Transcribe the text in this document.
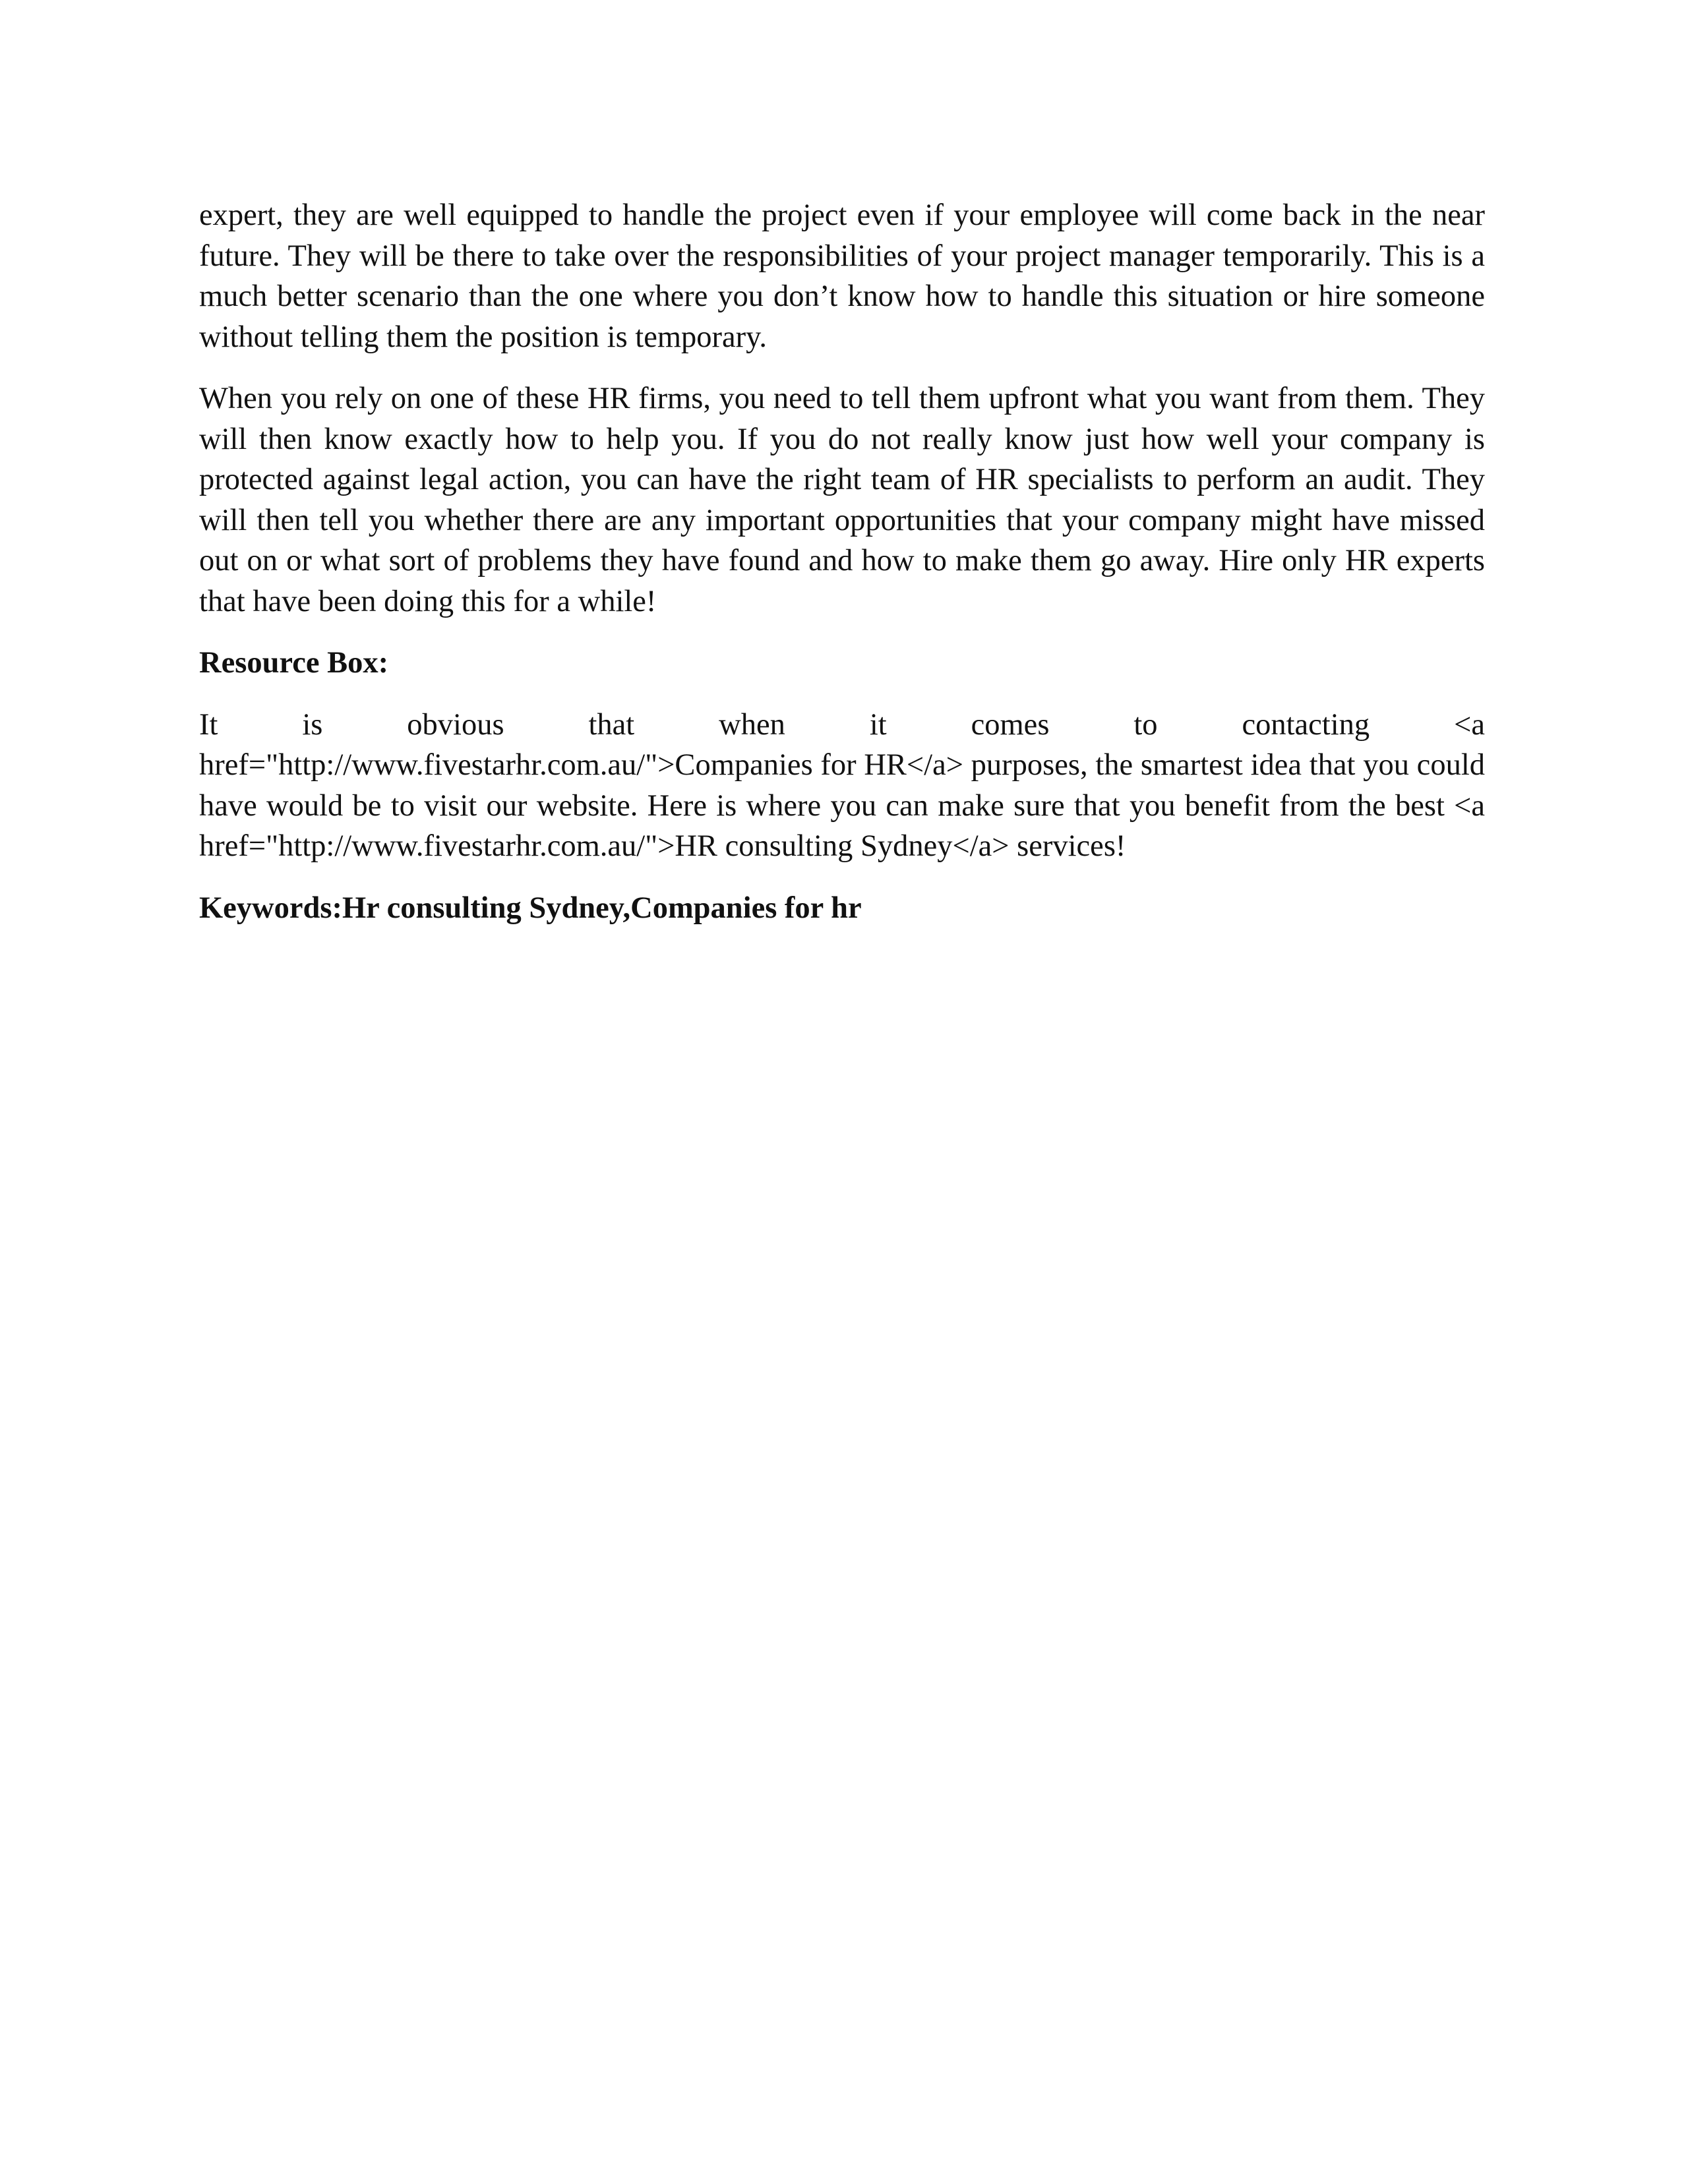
expert, they are well equipped to handle the project even if your employee will come back in the near future. They will be there to take over the responsibilities of your project manager temporarily. This is a much better scenario than the one where you don’t know how to handle this situation or hire someone without telling them the position is temporary.

When you rely on one of these HR firms, you need to tell them upfront what you want from them. They will then know exactly how to help you. If you do not really know just how well your company is protected against legal action, you can have the right team of HR specialists to perform an audit. They will then tell you whether there are any important opportunities that your company might have missed out on or what sort of problems they have found and how to make them go away. Hire only HR experts that have been doing this for a while!

Resource Box:

It	is	obvious	that	when	it	comes	to	contacting	<a
href="http://www.fivestarhr.com.au/">Companies for HR</a> purposes, the smartest idea that you could have would be to visit our website. Here is where you can make sure that you benefit from the best <a href="http://www.fivestarhr.com.au/">HR consulting Sydney</a> services!

Keywords:Hr consulting Sydney,Companies for hr
